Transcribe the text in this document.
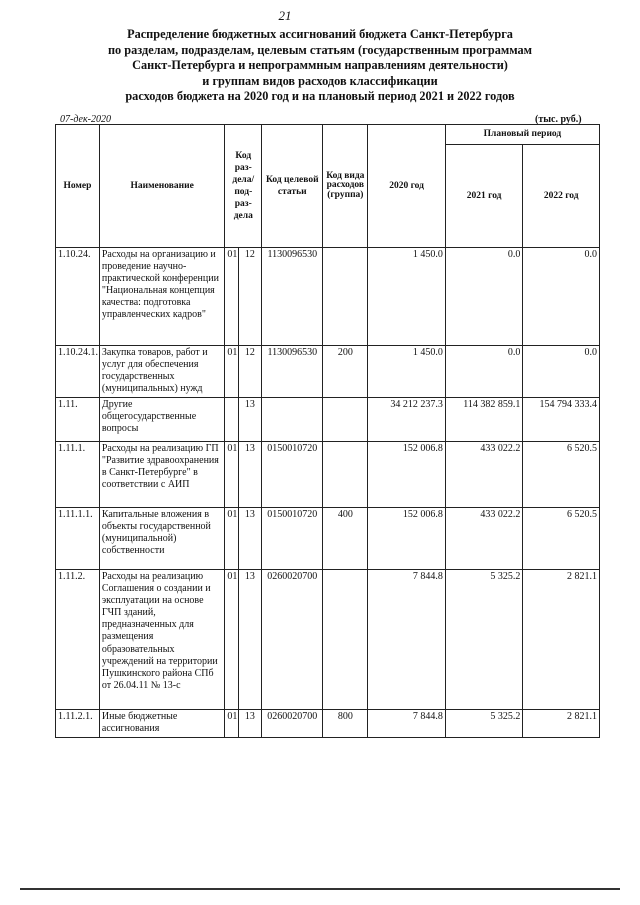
21
Распределение бюджетных ассигнований бюджета Санкт-Петербурга
по разделам, подразделам, целевым статьям (государственным программам
Санкт-Петербурга и непрограммным направлениям деятельности)
и группам видов расходов классификации
расходов бюджета на 2020 год и на плановый период 2021 и 2022 годов
07-дек-2020	(тыс. руб.)
Номер	Наименование	Код раз- дела/ под- раз- дела		Код целевой статьи	Код вида расходов (группа)	2020 год	Плановый период	
							2021 год	2022 год
1.10.24.	Расходы на организацию и проведение научно-практической конференции "Национальная концепция качества: подготовка управленческих кадров"	01	12	1130096530		1 450.0	0.0	0.0
1.10.24.1.	Закупка товаров, работ и услуг для обеспечения государственных (муниципальных) нужд	01	12	1130096530	200	1 450.0	0.0	0.0
1.11.	Другие общегосударственные вопросы		13			34 212 237.3	114 382 859.1	154 794 333.4
1.11.1.	Расходы на реализацию ГП "Развитие здравоохранения в Санкт-Петербурге" в соответствии с АИП	01	13	0150010720		152 006.8	433 022.2	6 520.5
1.11.1.1.	Капитальные вложения в объекты государственной (муниципальной) собственности	01	13	0150010720	400	152 006.8	433 022.2	6 520.5
1.11.2.	Расходы на реализацию Соглашения о создании и эксплуатации на основе ГЧП зданий, предназначенных для размещения образовательных учреждений на территории Пушкинского района СПб от 26.04.11 № 13-с	01	13	0260020700		7 844.8	5 325.2	2 821.1
1.11.2.1.	Иные бюджетные ассигнования	01	13	0260020700	800	7 844.8	5 325.2	2 821.1
